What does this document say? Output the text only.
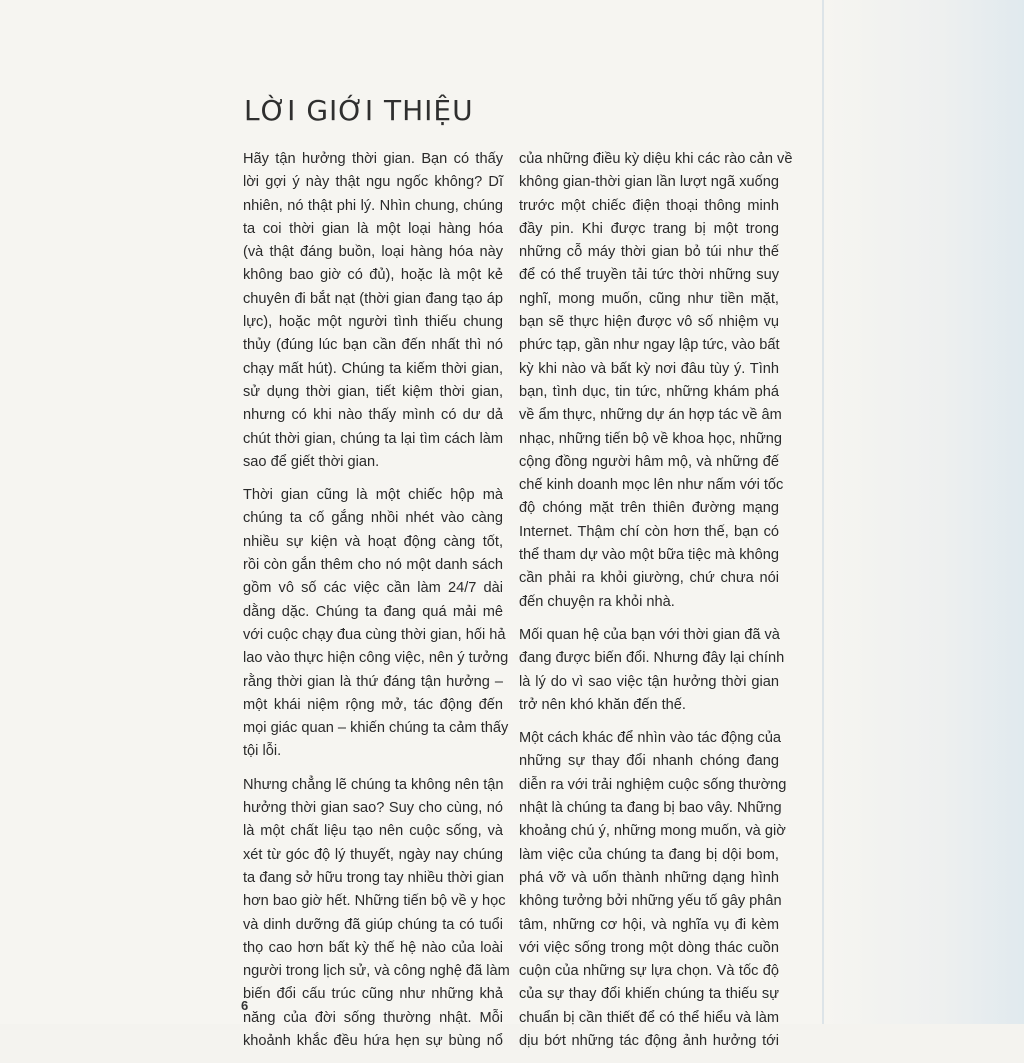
LỜI GIỚI THIỆU

Hãy tận hưởng thời gian. Bạn có thấy
lời gợi ý này thật ngu ngốc không? Dĩ
nhiên, nó thật phi lý. Nhìn chung, chúng
ta coi thời gian là một loại hàng hóa
(và thật đáng buồn, loại hàng hóa này
không bao giờ có đủ), hoặc là một kẻ
chuyên đi bắt nạt (thời gian đang tạo áp
lực), hoặc một người tình thiếu chung
thủy (đúng lúc bạn cần đến nhất thì nó
chạy mất hút). Chúng ta kiếm thời gian,
sử dụng thời gian, tiết kiệm thời gian,
nhưng có khi nào thấy mình có dư dả
chút thời gian, chúng ta lại tìm cách làm
sao để giết thời gian.

Thời gian cũng là một chiếc hộp mà
chúng ta cố gắng nhồi nhét vào càng
nhiều sự kiện và hoạt động càng tốt,
rồi còn gắn thêm cho nó một danh sách
gồm vô số các việc cần làm 24/7 dài
dằng dặc. Chúng ta đang quá mải mê
với cuộc chạy đua cùng thời gian, hối hả
lao vào thực hiện công việc, nên ý tưởng
rằng thời gian là thứ đáng tận hưởng –
một khái niệm rộng mở, tác động đến
mọi giác quan – khiến chúng ta cảm thấy
tội lỗi.

Nhưng chẳng lẽ chúng ta không nên tận
hưởng thời gian sao? Suy cho cùng, nó
là một chất liệu tạo nên cuộc sống, và
xét từ góc độ lý thuyết, ngày nay chúng
ta đang sở hữu trong tay nhiều thời gian
hơn bao giờ hết. Những tiến bộ về y học
và dinh dưỡng đã giúp chúng ta có tuổi
thọ cao hơn bất kỳ thế hệ nào của loài
người trong lịch sử, và công nghệ đã làm
biến đổi cấu trúc cũng như những khả
năng của đời sống thường nhật. Mỗi
khoảnh khắc đều hứa hẹn sự bùng nổ

của những điều kỳ diệu khi các rào cản về
không gian-thời gian lần lượt ngã xuống
trước một chiếc điện thoại thông minh
đầy pin. Khi được trang bị một trong
những cỗ máy thời gian bỏ túi như thế
để có thể truyền tải tức thời những suy
nghĩ, mong muốn, cũng như tiền mặt,
bạn sẽ thực hiện được vô số nhiệm vụ
phức tạp, gần như ngay lập tức, vào bất
kỳ khi nào và bất kỳ nơi đâu tùy ý. Tình
bạn, tình dục, tin tức, những khám phá
về ẩm thực, những dự án hợp tác về âm
nhạc, những tiến bộ về khoa học, những
cộng đồng người hâm mộ, và những đế
chế kinh doanh mọc lên như nấm với tốc
độ chóng mặt trên thiên đường mạng
Internet. Thậm chí còn hơn thế, bạn có
thể tham dự vào một bữa tiệc mà không
cần phải ra khỏi giường, chứ chưa nói
đến chuyện ra khỏi nhà.

Mối quan hệ của bạn với thời gian đã và
đang được biến đổi. Nhưng đây lại chính
là lý do vì sao việc tận hưởng thời gian
trở nên khó khăn đến thế.

Một cách khác để nhìn vào tác động của
những sự thay đổi nhanh chóng đang
diễn ra với trải nghiệm cuộc sống thường
nhật là chúng ta đang bị bao vây. Những
khoảng chú ý, những mong muốn, và giờ
làm việc của chúng ta đang bị dội bom,
phá vỡ và uốn thành những dạng hình
không tưởng bởi những yếu tố gây phân
tâm, những cơ hội, và nghĩa vụ đi kèm
với việc sống trong một dòng thác cuồn
cuộn của những sự lựa chọn. Và tốc độ
của sự thay đổi khiến chúng ta thiếu sự
chuẩn bị cần thiết để có thể hiểu và làm
dịu bớt những tác động ảnh hưởng tới

6
